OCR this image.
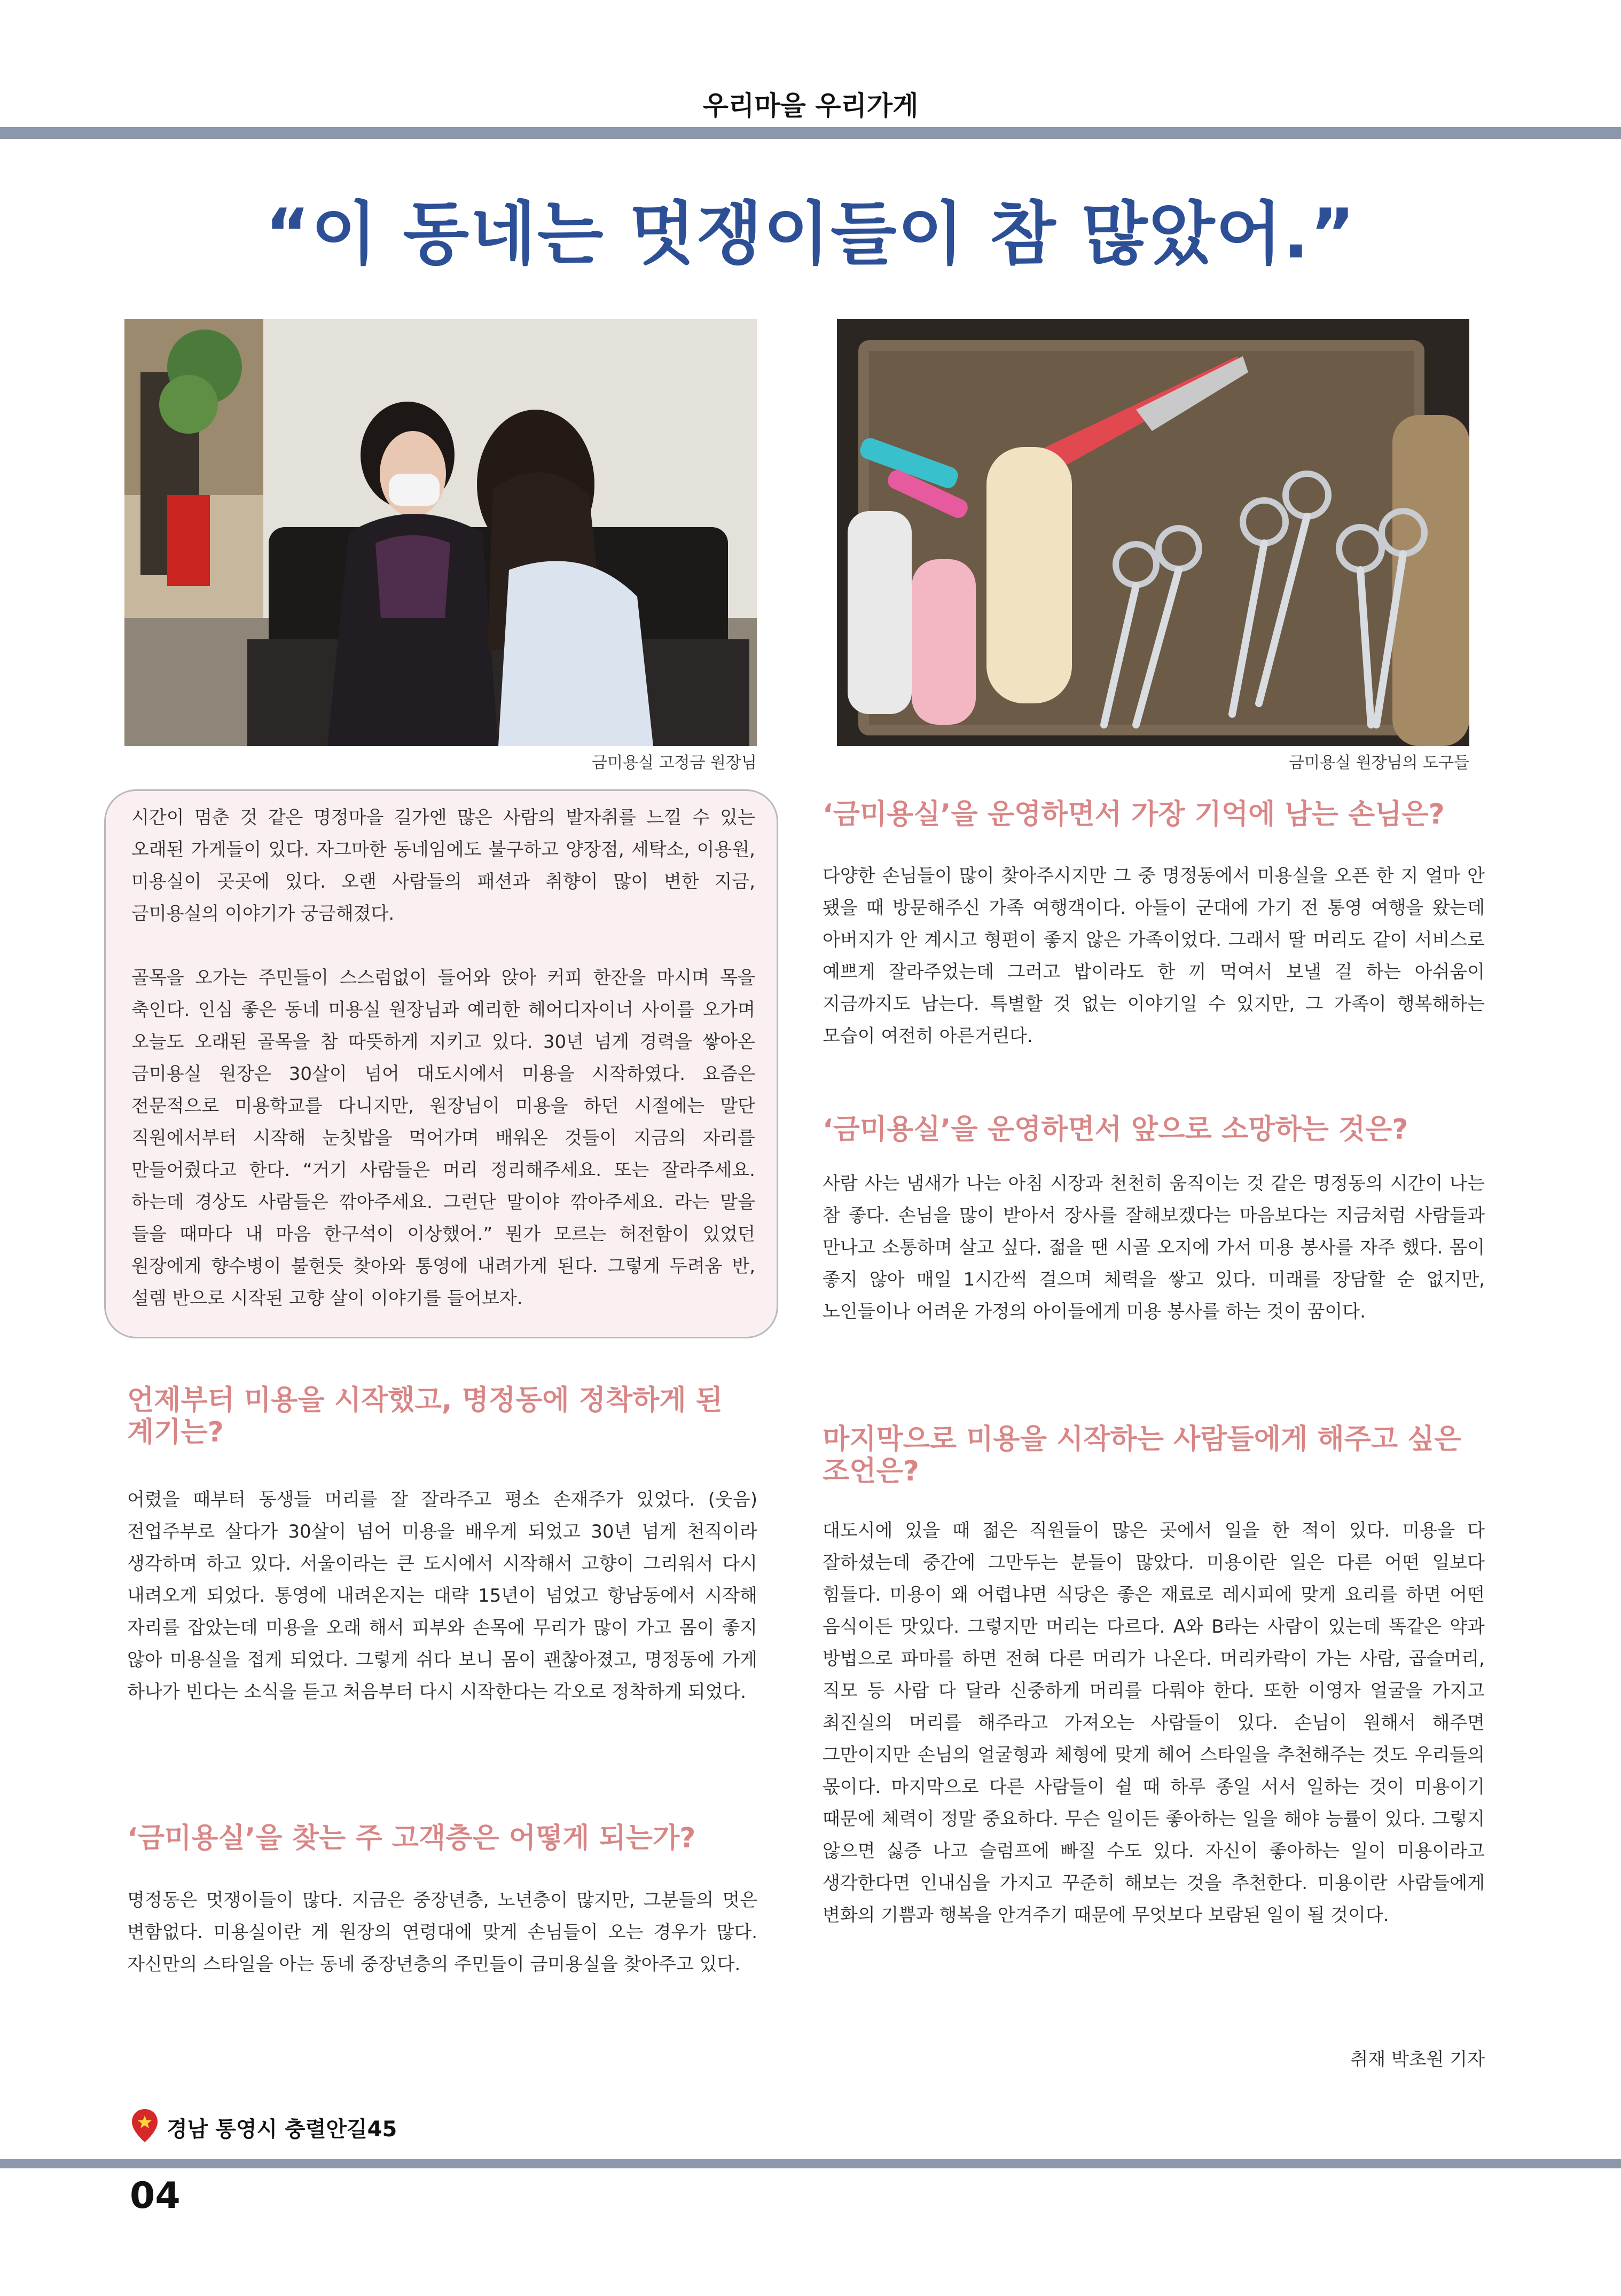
우리마을 우리가게
“이 동네는 멋쟁이들이 참 많았어.”
금미용실 고정금 원장님	금미용실 원장님의 도구들

시간이 멈춘 것 같은 명정마을 길가엔 많은 사람의 발자취를 느낄 수 있는 오래된 가게들이 있다. 자그마한 동네임에도 불구하고 양장점, 세탁소, 이용원, 미용실이 곳곳에 있다. 오랜 사람들의 패션과 취향이 많이 변한 지금, 금미용실의 이야기가 궁금해졌다.

골목을 오가는 주민들이 스스럼없이 들어와 앉아 커피 한잔을 마시며 목을 축인다. 인심 좋은 동네 미용실 원장님과 예리한 헤어디자이너 사이를 오가며 오늘도 오래된 골목을 참 따뜻하게 지키고 있다. 30년 넘게 경력을 쌓아온 금미용실 원장은 30살이 넘어 대도시에서 미용을 시작하였다. 요즘은 전문적으로 미용학교를 다니지만, 원장님이 미용을 하던 시절에는 말단 직원에서부터 시작해 눈칫밥을 먹어가며 배워온 것들이 지금의 자리를 만들어줬다고 한다. “거기 사람들은 머리 정리해주세요. 또는 잘라주세요. 하는데 경상도 사람들은 깎아주세요. 그런단 말이야 깎아주세요. 라는 말을 들을 때마다 내 마음 한구석이 이상했어.” 뭔가 모르는 허전함이 있었던 원장에게 향수병이 불현듯 찾아와 통영에 내려가게 된다. 그렇게 두려움 반, 설렘 반으로 시작된 고향 살이 이야기를 들어보자.

언제부터 미용을 시작했고, 명정동에 정착하게 된 계기는?
어렸을 때부터 동생들 머리를 잘 잘라주고 평소 손재주가 있었다. (웃음) 전업주부로 살다가 30살이 넘어 미용을 배우게 되었고 30년 넘게 천직이라 생각하며 하고 있다. 서울이라는 큰 도시에서 시작해서 고향이 그리워서 다시 내려오게 되었다. 통영에 내려온지는 대략 15년이 넘었고 항남동에서 시작해 자리를 잡았는데 미용을 오래 해서 피부와 손목에 무리가 많이 가고 몸이 좋지 않아 미용실을 접게 되었다. 그렇게 쉬다 보니 몸이 괜찮아졌고, 명정동에 가게 하나가 빈다는 소식을 듣고 처음부터 다시 시작한다는 각오로 정착하게 되었다.
‘금미용실’을 찾는 주 고객층은 어떻게 되는가?
명정동은 멋쟁이들이 많다. 지금은 중장년층, 노년층이 많지만, 그분들의 멋은 변함없다. 미용실이란 게 원장의 연령대에 맞게 손님들이 오는 경우가 많다. 자신만의 스타일을 아는 동네 중장년층의 주민들이 금미용실을 찾아주고 있다.
‘금미용실’을 운영하면서 가장 기억에 남는 손님은?
다양한 손님들이 많이 찾아주시지만 그 중 명정동에서 미용실을 오픈 한 지 얼마 안 됐을 때 방문해주신 가족 여행객이다. 아들이 군대에 가기 전 통영 여행을 왔는데 아버지가 안 계시고 형편이 좋지 않은 가족이었다. 그래서 딸 머리도 같이 서비스로 예쁘게 잘라주었는데 그러고 밥이라도 한 끼 먹여서 보낼 걸 하는 아쉬움이 지금까지도 남는다. 특별할 것 없는 이야기일 수 있지만, 그 가족이 행복해하는 모습이 여전히 아른거린다.
‘금미용실’을 운영하면서 앞으로 소망하는 것은?
사람 사는 냄새가 나는 아침 시장과 천천히 움직이는 것 같은 명정동의 시간이 나는 참 좋다. 손님을 많이 받아서 장사를 잘해보겠다는 마음보다는 지금처럼 사람들과 만나고 소통하며 살고 싶다. 젊을 땐 시골 오지에 가서 미용 봉사를 자주 했다. 몸이 좋지 않아 매일 1시간씩 걸으며 체력을 쌓고 있다. 미래를 장담할 순 없지만, 노인들이나 어려운 가정의 아이들에게 미용 봉사를 하는 것이 꿈이다.
마지막으로 미용을 시작하는 사람들에게 해주고 싶은 조언은?
대도시에 있을 때 젊은 직원들이 많은 곳에서 일을 한 적이 있다. 미용을 다 잘하셨는데 중간에 그만두는 분들이 많았다. 미용이란 일은 다른 어떤 일보다 힘들다. 미용이 왜 어렵냐면 식당은 좋은 재료로 레시피에 맞게 요리를 하면 어떤 음식이든 맛있다. 그렇지만 머리는 다르다. A와 B라는 사람이 있는데 똑같은 약과 방법으로 파마를 하면 전혀 다른 머리가 나온다. 머리카락이 가는 사람, 곱슬머리, 직모 등 사람 다 달라 신중하게 머리를 다뤄야 한다. 또한 이영자 얼굴을 가지고 최진실의 머리를 해주라고 가져오는 사람들이 있다. 손님이 원해서 해주면 그만이지만 손님의 얼굴형과 체형에 맞게 헤어 스타일을 추천해주는 것도 우리들의 몫이다. 마지막으로 다른 사람들이 쉴 때 하루 종일 서서 일하는 것이 미용이기 때문에 체력이 정말 중요하다. 무슨 일이든 좋아하는 일을 해야 능률이 있다. 그렇지 않으면 싫증 나고 슬럼프에 빠질 수도 있다. 자신이 좋아하는 일이 미용이라고 생각한다면 인내심을 가지고 꾸준히 해보는 것을 추천한다. 미용이란 사람들에게 변화의 기쁨과 행복을 안겨주기 때문에 무엇보다 보람된 일이 될 것이다.
취재 박초원 기자
경남 통영시 충렬안길45
04
